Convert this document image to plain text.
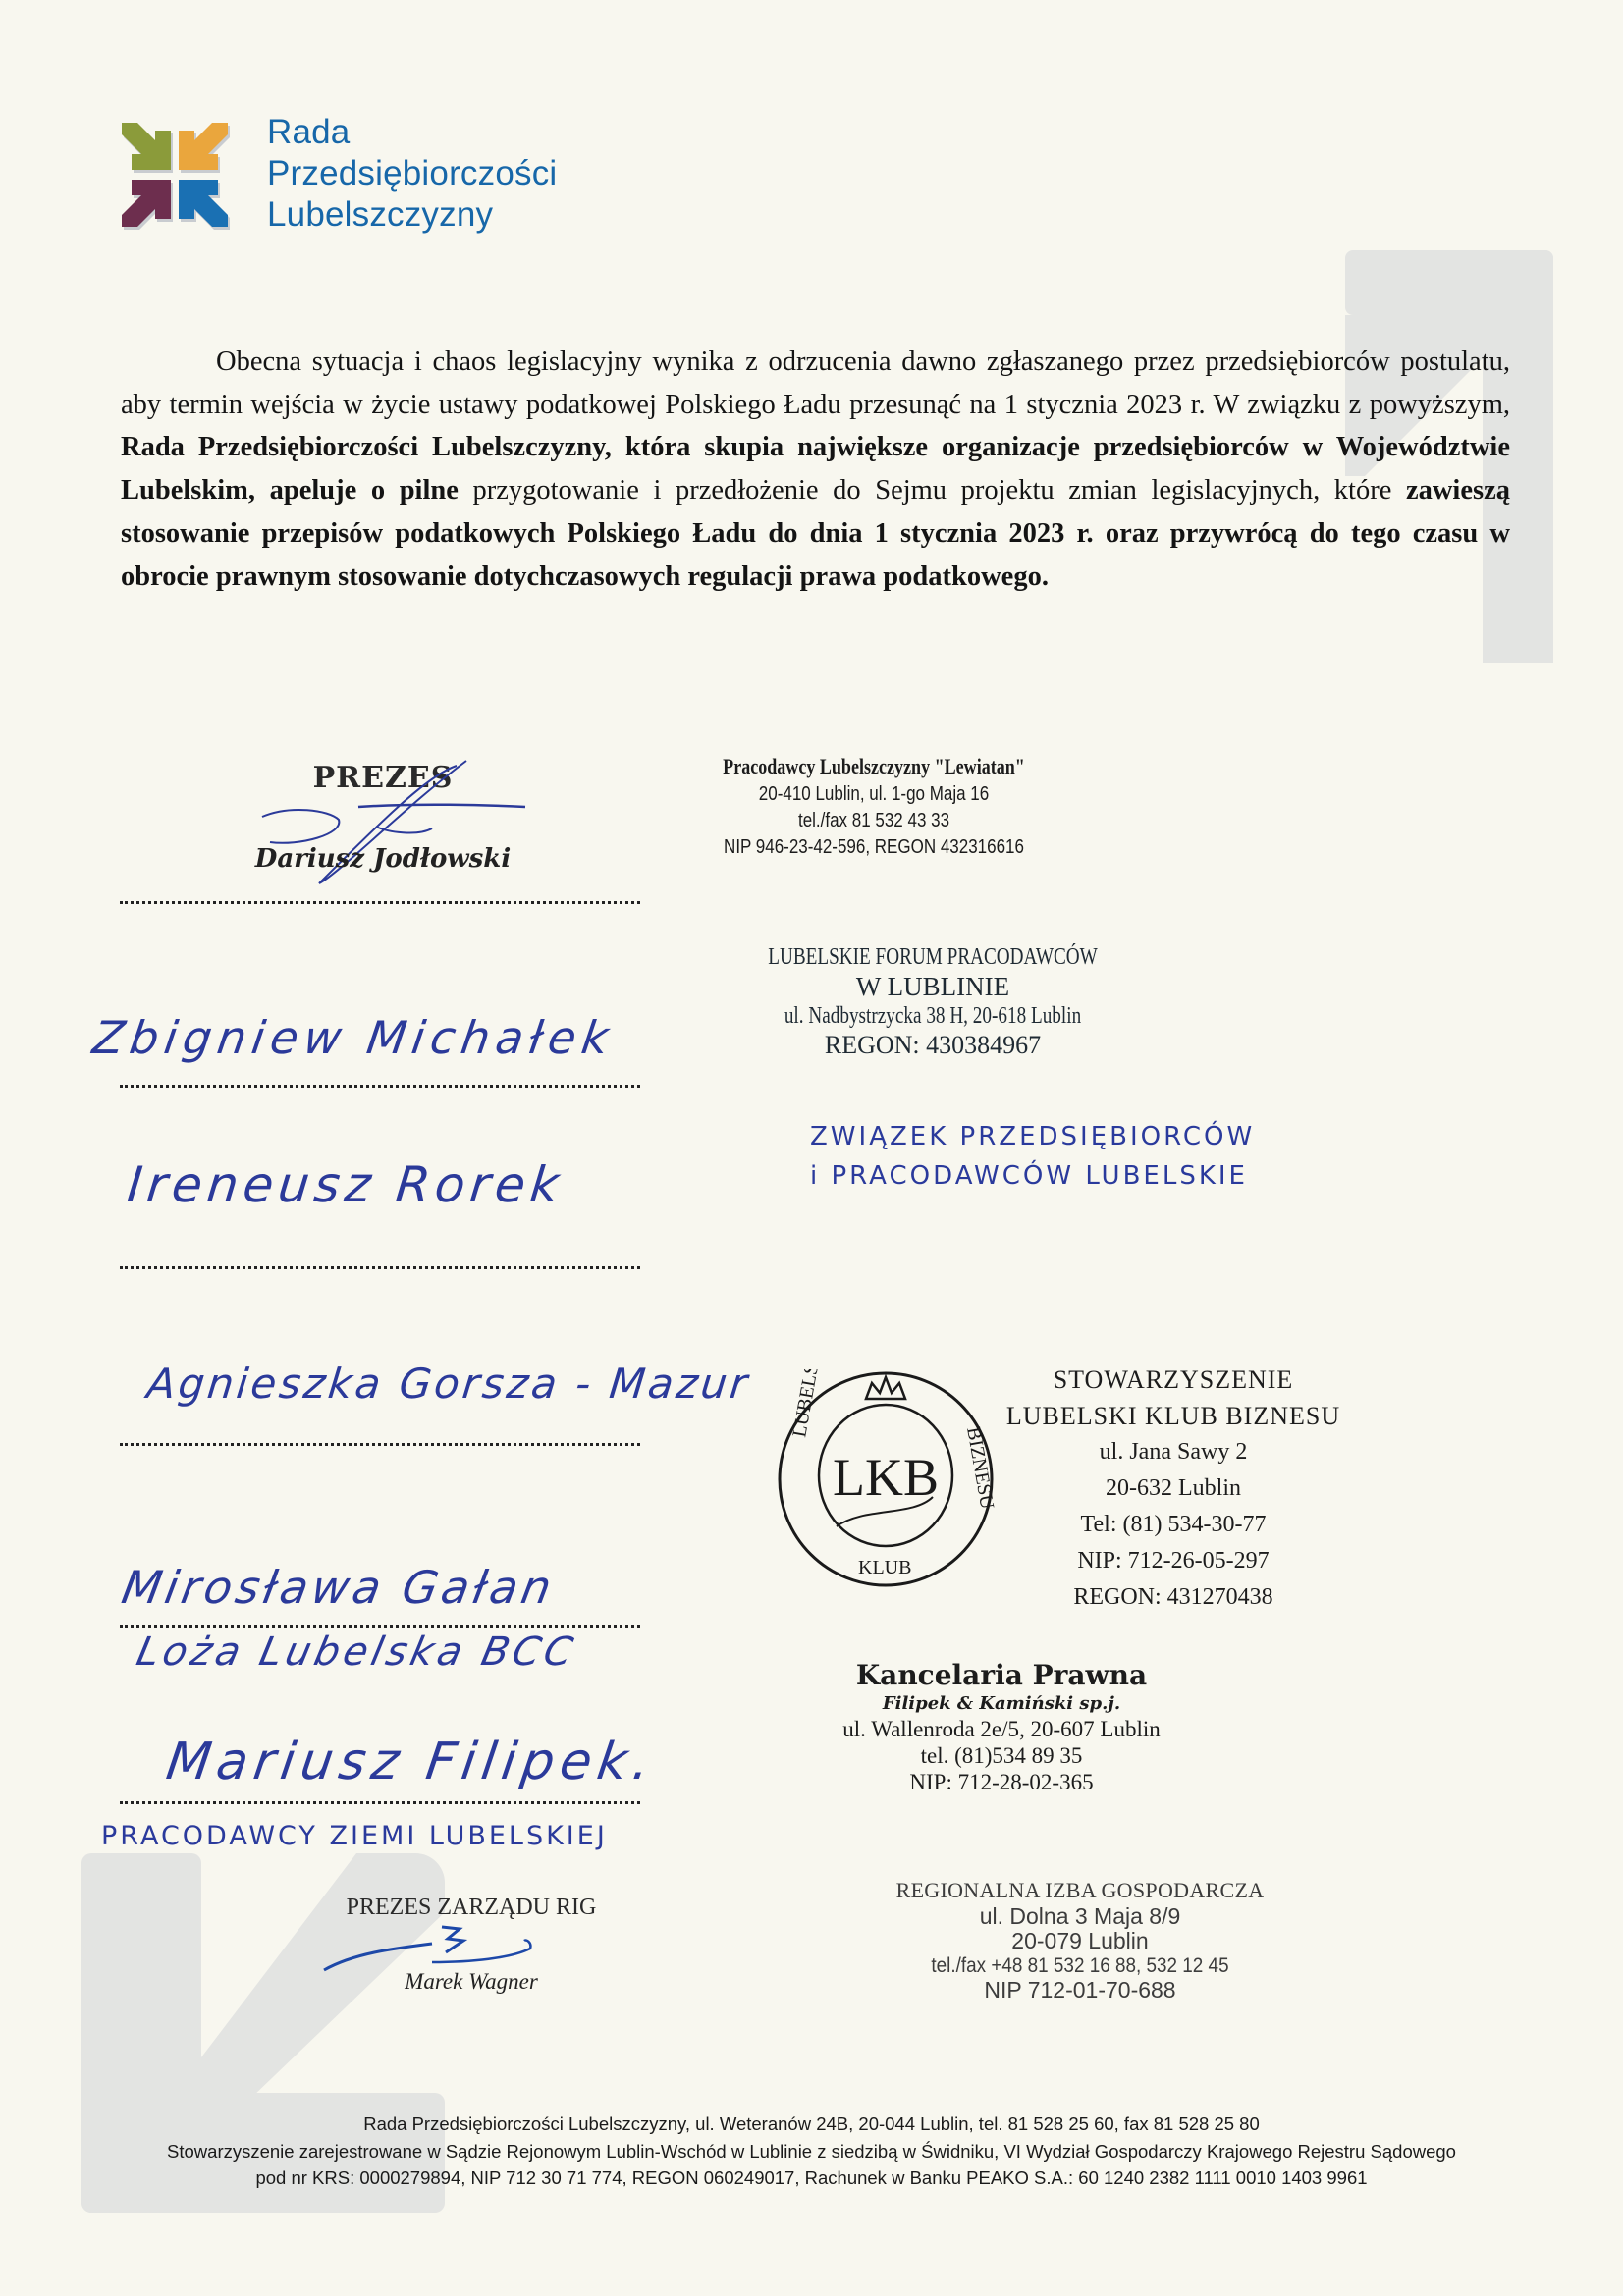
Rada
Przedsiębiorczości
Lubelszczyzny
Obecna sytuacja i chaos legislacyjny wynika z odrzucenia dawno zgłaszanego przez przedsiębiorców postulatu, aby termin wejścia w życie ustawy podatkowej Polskiego Ładu przesunąć na 1 stycznia 2023 r. W związku z powyższym, Rada Przedsiębiorczości Lubelszczyzny, która skupia największe organizacje przedsiębiorców w Województwie Lubelskim, apeluje o pilne przygotowanie i przedłożenie do Sejmu projektu zmian legislacyjnych, które zawieszą stosowanie przepisów podatkowych Polskiego Ładu do dnia 1 stycznia 2023 r. oraz przywrócą do tego czasu w obrocie prawnym stosowanie dotychczasowych regulacji prawa podatkowego.
PREZES
Dariusz Jodłowski
Pracodawcy Lubelszczyzny "Lewiatan"
20-410 Lublin, ul. 1-go Maja 16
tel./fax 81 532 43 33
NIP 946-23-42-596, REGON 432316616
LUBELSKIE FORUM PRACODAWCÓW
W LUBLINIE
ul. Nadbystrzycka 38 H, 20-618 Lublin
REGON: 430384967
Zbigniew Michałek
ZWIĄZEK PRZEDSIĘBIORCÓW
i PRACODAWCÓW LUBELSKIE
Ireneusz Rorek
Agnieszka Gorsza - Mazur
LKB
LUBELSKI
KLUB
BIZNESU
STOWARZYSZENIE
LUBELSKI KLUB BIZNESU
ul. Jana Sawy 2
20-632 Lublin
Tel: (81) 534-30-77
NIP: 712-26-05-297
REGON: 431270438
Mirosława Gałan
Loża Lubelska BCC
Kancelaria Prawna
Filipek & Kamiński sp.j.
ul. Wallenroda 2e/5, 20-607 Lublin
tel. (81)534 89 35
NIP: 712-28-02-365
Mariusz Filipek.
PRACODAWCY ZIEMI LUBELSKIEJ
PREZES ZARZĄDU RIG
Marek Wagner
REGIONALNA IZBA GOSPODARCZA
ul. Dolna 3 Maja 8/9
20-079 Lublin
tel./fax +48 81 532 16 88, 532 12 45
NIP 712-01-70-688
Rada Przedsiębiorczości Lubelszczyzny, ul. Weteranów 24B, 20-044 Lublin, tel. 81 528 25 60, fax 81 528 25 80
Stowarzyszenie zarejestrowane w Sądzie Rejonowym Lublin-Wschód w Lublinie z siedzibą w Świdniku, VI Wydział Gospodarczy Krajowego Rejestru Sądowego
pod nr KRS: 0000279894, NIP 712 30 71 774, REGON 060249017, Rachunek w Banku PEAKO S.A.: 60 1240 2382 1111 0010 1403 9961
